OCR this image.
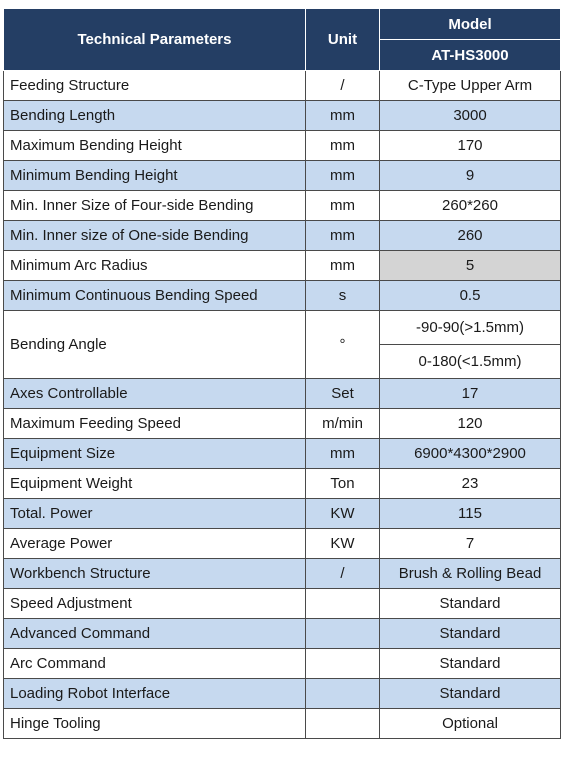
Technical Parameters	Unit	Model
		AT-HS3000
Feeding Structure	/	C-Type Upper Arm
Bending Length	mm	3000
Maximum Bending Height	mm	170
Minimum Bending Height	mm	9
Min. Inner Size of Four-side Bending	mm	260*260
Min. Inner size of One-side Bending	mm	260
Minimum Arc Radius	mm	5
Minimum Continuous Bending Speed	s	0.5
Bending Angle	°	-90-90(>1.5mm)
		0-180(<1.5mm)
Axes Controllable	Set	17
Maximum Feeding Speed	m/min	120
Equipment Size	mm	6900*4300*2900
Equipment Weight	Ton	23
Total. Power	KW	115
Average Power	KW	7
Workbench Structure	/	Brush & Rolling Bead
Speed Adjustment		Standard
Advanced Command		Standard
Arc Command		Standard
Loading Robot Interface		Standard
Hinge Tooling		Optional
